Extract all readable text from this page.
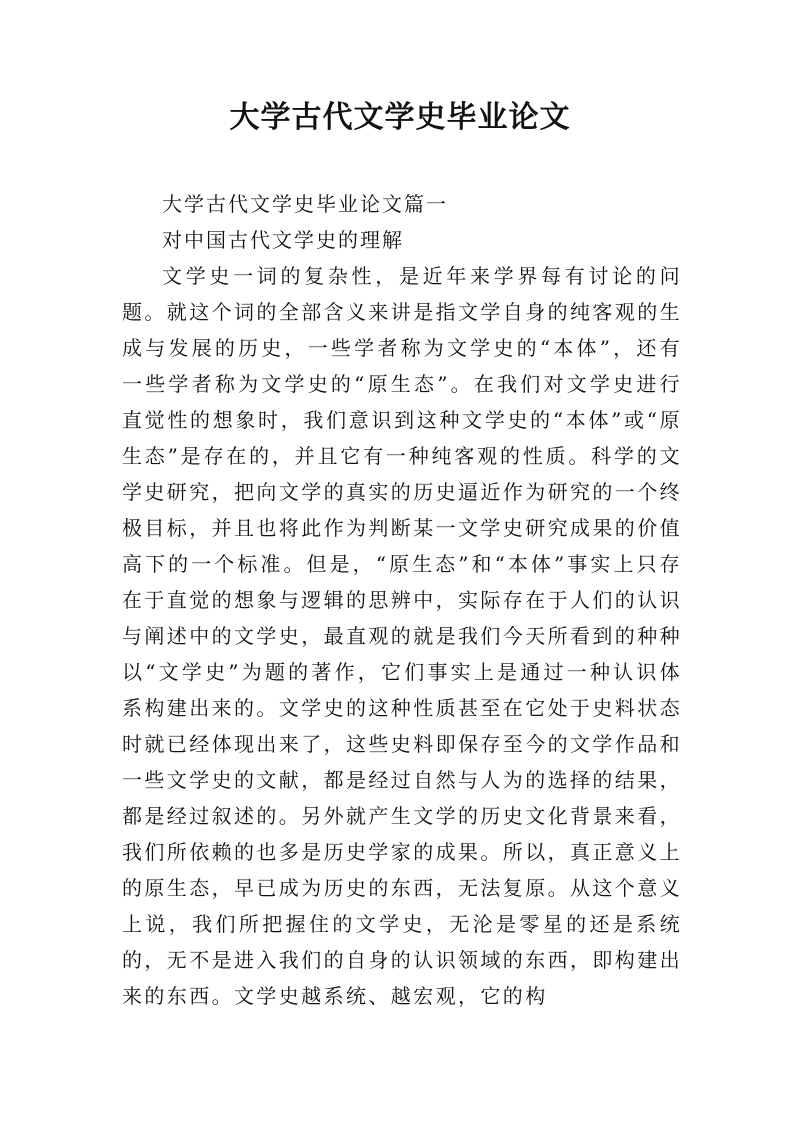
大学古代文学史毕业论文

大学古代文学史毕业论文篇一

对中国古代文学史的理解

文学史一词的复杂性，是近年来学界每有讨论的问题。就这个词的全部含义来讲是指文学自身的纯客观的生成与发展的历史，一些学者称为文学史的“本体”，还有一些学者称为文学史的“原生态”。在我们对文学史进行直觉性的想象时，我们意识到这种文学史的“本体”或“原生态”是存在的，并且它有一种纯客观的性质。科学的文学史研究，把向文学的真实的历史逼近作为研究的一个终极目标，并且也将此作为判断某一文学史研究成果的价值高下的一个标准。但是，“原生态”和“本体”事实上只存在于直觉的想象与逻辑的思辨中，实际存在于人们的认识与阐述中的文学史，最直观的就是我们今天所看到的种种以“文学史”为题的著作，它们事实上是通过一种认识体系构建出来的。文学史的这种性质甚至在它处于史料状态时就已经体现出来了，这些史料即保存至今的文学作品和一些文学史的文献，都是经过自然与人为的选择的结果，都是经过叙述的。另外就产生文学的历史文化背景来看，我们所依赖的也多是历史学家的成果。所以，真正意义上的原生态，早已成为历史的东西，无法复原。从这个意义上说，我们所把握住的文学史，无沦是零星的还是系统的，无不是进入我们的自身的认识领域的东西，即构建出来的东西。文学史越系统、越宏观，它的构
